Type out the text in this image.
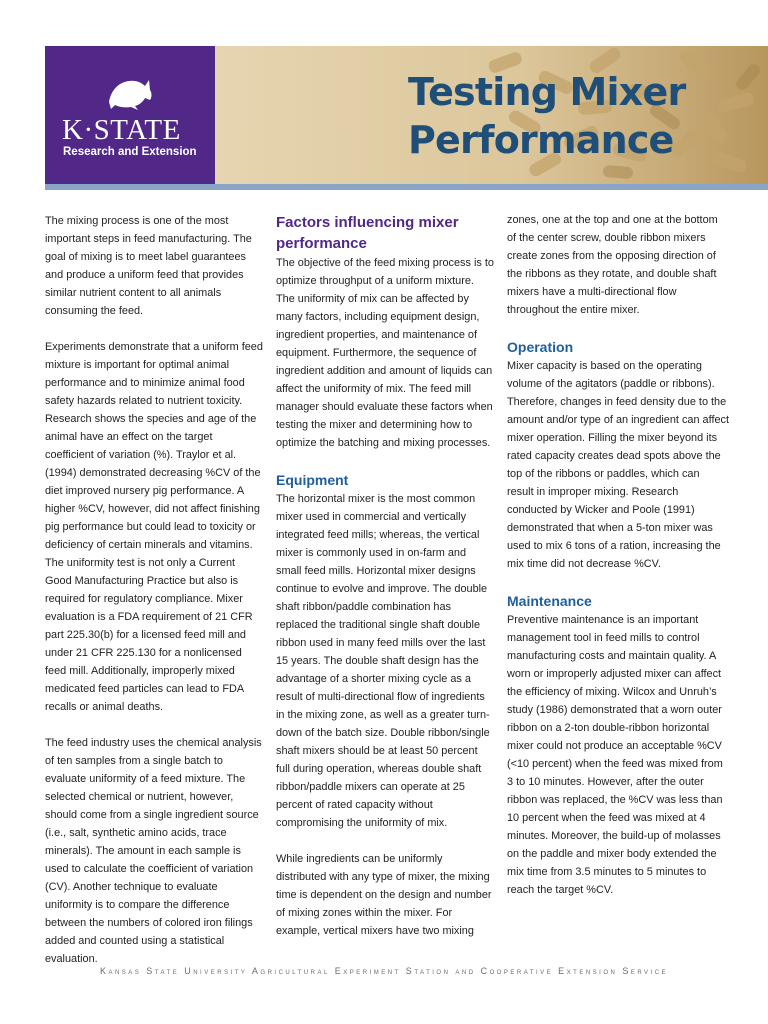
K·STATE
Research and Extension
Testing Mixer
Performance

The mixing process is one of the most important steps in feed manufacturing. The goal of mixing is to meet label guarantees and produce a uniform feed that provides similar nutrient content to all animals consuming the feed.

Experiments demonstrate that a uniform feed mixture is important for optimal animal performance and to minimize animal food safety hazards related to nutrient toxicity. Research shows the species and age of the animal have an effect on the target coefficient of variation (%). Traylor et al. (1994) demonstrated decreasing %CV of the diet improved nursery pig performance. A higher %CV, however, did not affect finishing pig performance but could lead to toxicity or deficiency of certain minerals and vitamins. The uniformity test is not only a Current Good Manufacturing Practice but also is required for regulatory compliance. Mixer evaluation is a FDA requirement of 21 CFR part 225.30(b) for a licensed feed mill and under 21 CFR 225.130 for a nonlicensed feed mill. Additionally, improperly mixed medicated feed particles can lead to FDA recalls or animal deaths.

The feed industry uses the chemical analysis of ten samples from a single batch to evaluate uniformity of a feed mixture. The selected chemical or nutrient, however, should come from a single ingredient source (i.e., salt, synthetic amino acids, trace minerals). The amount in each sample is used to calculate the coefficient of variation (CV). Another technique to evaluate uniformity is to compare the difference between the numbers of colored iron filings added and counted using a statistical evaluation.

Factors influencing mixer performance

The objective of the feed mixing process is to optimize throughput of a uniform mixture. The uniformity of mix can be affected by many factors, including equipment design, ingredient properties, and maintenance of equipment. Furthermore, the sequence of ingredient addition and amount of liquids can affect the uniformity of mix. The feed mill manager should evaluate these factors when testing the mixer and determining how to optimize the batching and mixing processes.

Equipment

The horizontal mixer is the most common mixer used in commercial and vertically integrated feed mills; whereas, the vertical mixer is commonly used in on-farm and small feed mills. Horizontal mixer designs continue to evolve and improve. The double shaft ribbon/paddle combination has replaced the traditional single shaft double ribbon used in many feed mills over the last 15 years. The double shaft design has the advantage of a shorter mixing cycle as a result of multi-directional flow of ingredients in the mixing zone, as well as a greater turn-down of the batch size. Double ribbon/single shaft mixers should be at least 50 percent full during operation, whereas double shaft ribbon/paddle mixers can operate at 25 percent of rated capacity without compromising the uniformity of mix.

While ingredients can be uniformly distributed with any type of mixer, the mixing time is dependent on the design and number of mixing zones within the mixer. For example, vertical mixers have two mixing

zones, one at the top and one at the bottom of the center screw, double ribbon mixers create zones from the opposing direction of the ribbons as they rotate, and double shaft mixers have a multi-directional flow throughout the entire mixer.

Operation

Mixer capacity is based on the operating volume of the agitators (paddle or ribbons). Therefore, changes in feed density due to the amount and/or type of an ingredient can affect mixer operation. Filling the mixer beyond its rated capacity creates dead spots above the top of the ribbons or paddles, which can result in improper mixing. Research conducted by Wicker and Poole (1991) demonstrated that when a 5-ton mixer was used to mix 6 tons of a ration, increasing the mix time did not decrease %CV.

Maintenance

Preventive maintenance is an important management tool in feed mills to control manufacturing costs and maintain quality. A worn or improperly adjusted mixer can affect the efficiency of mixing. Wilcox and Unruh’s study (1986) demonstrated that a worn outer ribbon on a 2-ton double-ribbon horizontal mixer could not produce an acceptable %CV (<10 percent) when the feed was mixed from 3 to 10 minutes. However, after the outer ribbon was replaced, the %CV was less than 10 percent when the feed was mixed at 4 minutes. Moreover, the build-up of molasses on the paddle and mixer body extended the mix time from 3.5 minutes to 5 minutes to reach the target %CV.

Kansas State University Agricultural Experiment Station and Cooperative Extension Service
